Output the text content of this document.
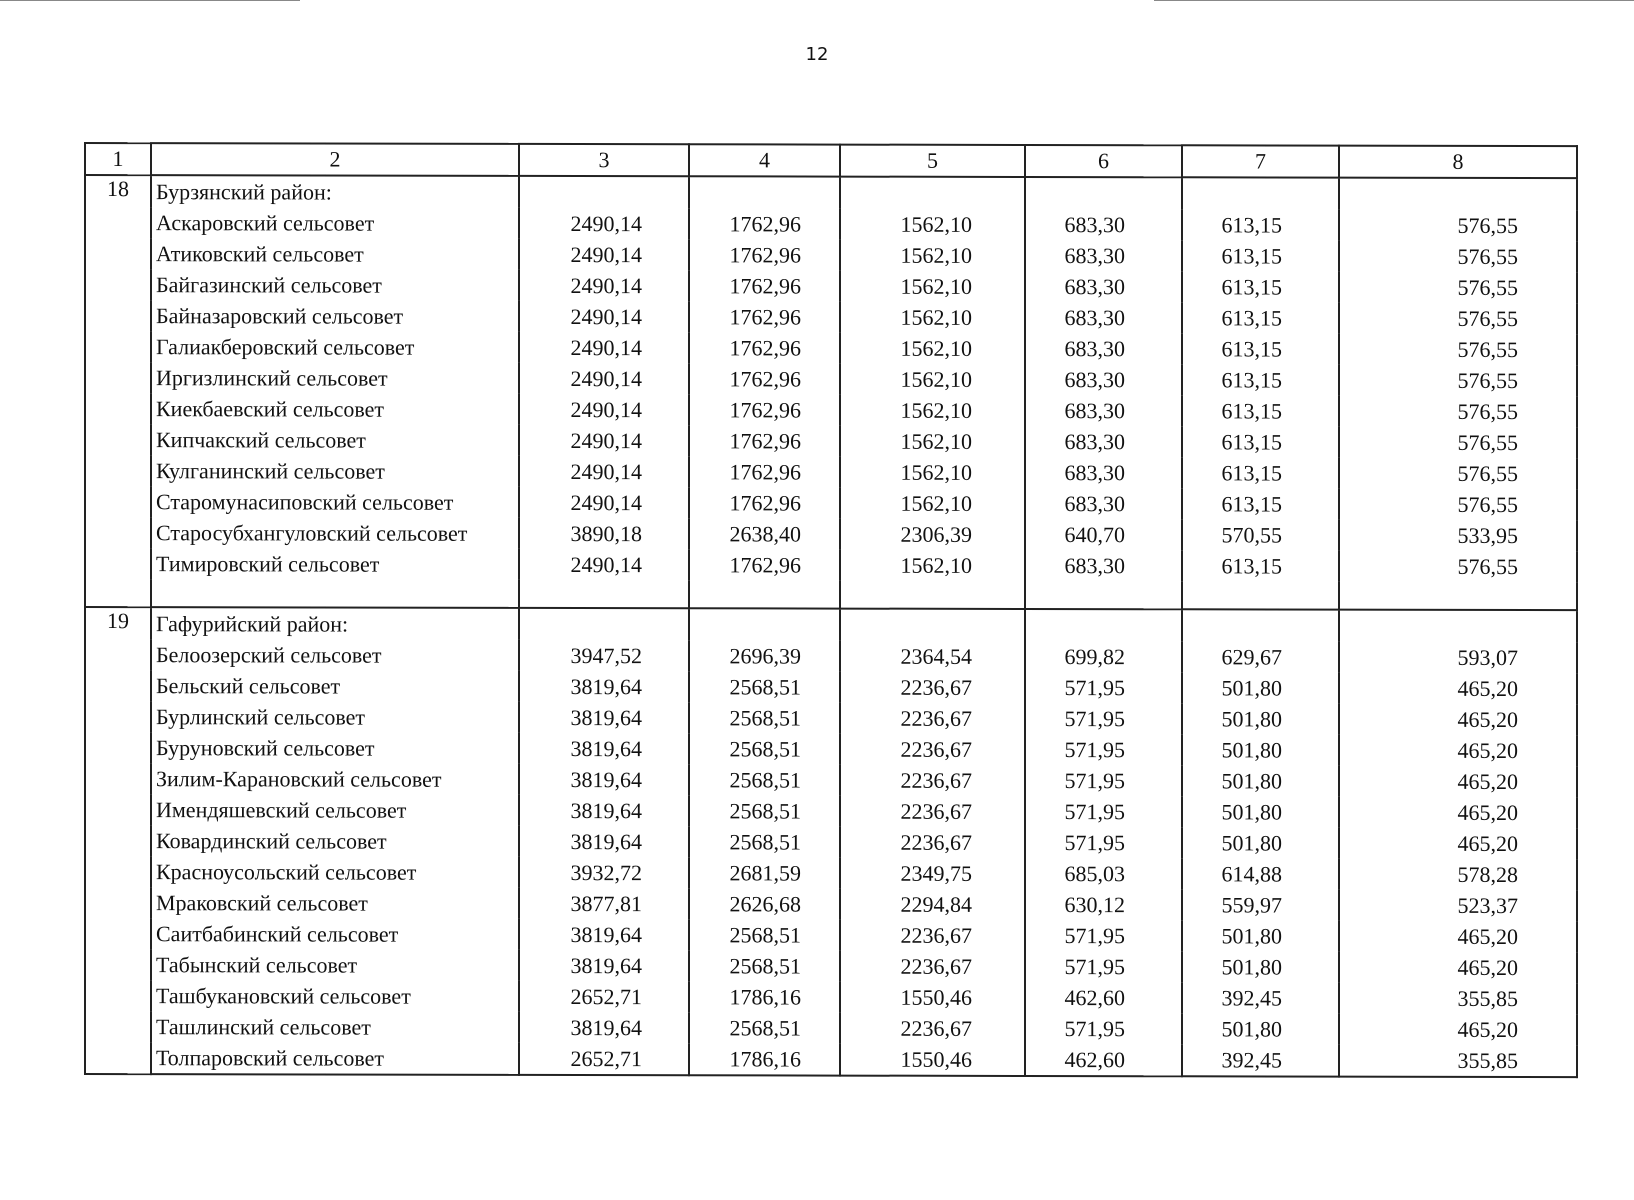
12
1	2	3	4	5	6	7	8
18	Бурзянский район:						
	Аскаровский сельсовет	2490,14	1762,96	1562,10	683,30	613,15	576,55
	Атиковский сельсовет	2490,14	1762,96	1562,10	683,30	613,15	576,55
	Байгазинский сельсовет	2490,14	1762,96	1562,10	683,30	613,15	576,55
	Байназаровский сельсовет	2490,14	1762,96	1562,10	683,30	613,15	576,55
	Галиакберовский сельсовет	2490,14	1762,96	1562,10	683,30	613,15	576,55
	Иргизлинский сельсовет	2490,14	1762,96	1562,10	683,30	613,15	576,55
	Киекбаевский сельсовет	2490,14	1762,96	1562,10	683,30	613,15	576,55
	Кипчакский сельсовет	2490,14	1762,96	1562,10	683,30	613,15	576,55
	Кулганинский сельсовет	2490,14	1762,96	1562,10	683,30	613,15	576,55
	Старомунасиповский сельсовет	2490,14	1762,96	1562,10	683,30	613,15	576,55
	Старосубхангуловский сельсовет	3890,18	2638,40	2306,39	640,70	570,55	533,95
	Тимировский сельсовет	2490,14	1762,96	1562,10	683,30	613,15	576,55

19	Гафурийский район:						
	Белоозерский сельсовет	3947,52	2696,39	2364,54	699,82	629,67	593,07
	Бельский сельсовет	3819,64	2568,51	2236,67	571,95	501,80	465,20
	Бурлинский сельсовет	3819,64	2568,51	2236,67	571,95	501,80	465,20
	Буруновский сельсовет	3819,64	2568,51	2236,67	571,95	501,80	465,20
	Зилим-Карановский сельсовет	3819,64	2568,51	2236,67	571,95	501,80	465,20
	Имендяшевский сельсовет	3819,64	2568,51	2236,67	571,95	501,80	465,20
	Ковардинский сельсовет	3819,64	2568,51	2236,67	571,95	501,80	465,20
	Красноусольский сельсовет	3932,72	2681,59	2349,75	685,03	614,88	578,28
	Мраковский сельсовет	3877,81	2626,68	2294,84	630,12	559,97	523,37
	Саитбабинский сельсовет	3819,64	2568,51	2236,67	571,95	501,80	465,20
	Табынский сельсовет	3819,64	2568,51	2236,67	571,95	501,80	465,20
	Ташбукановский сельсовет	2652,71	1786,16	1550,46	462,60	392,45	355,85
	Ташлинский сельсовет	3819,64	2568,51	2236,67	571,95	501,80	465,20
	Толпаровский сельсовет	2652,71	1786,16	1550,46	462,60	392,45	355,85
